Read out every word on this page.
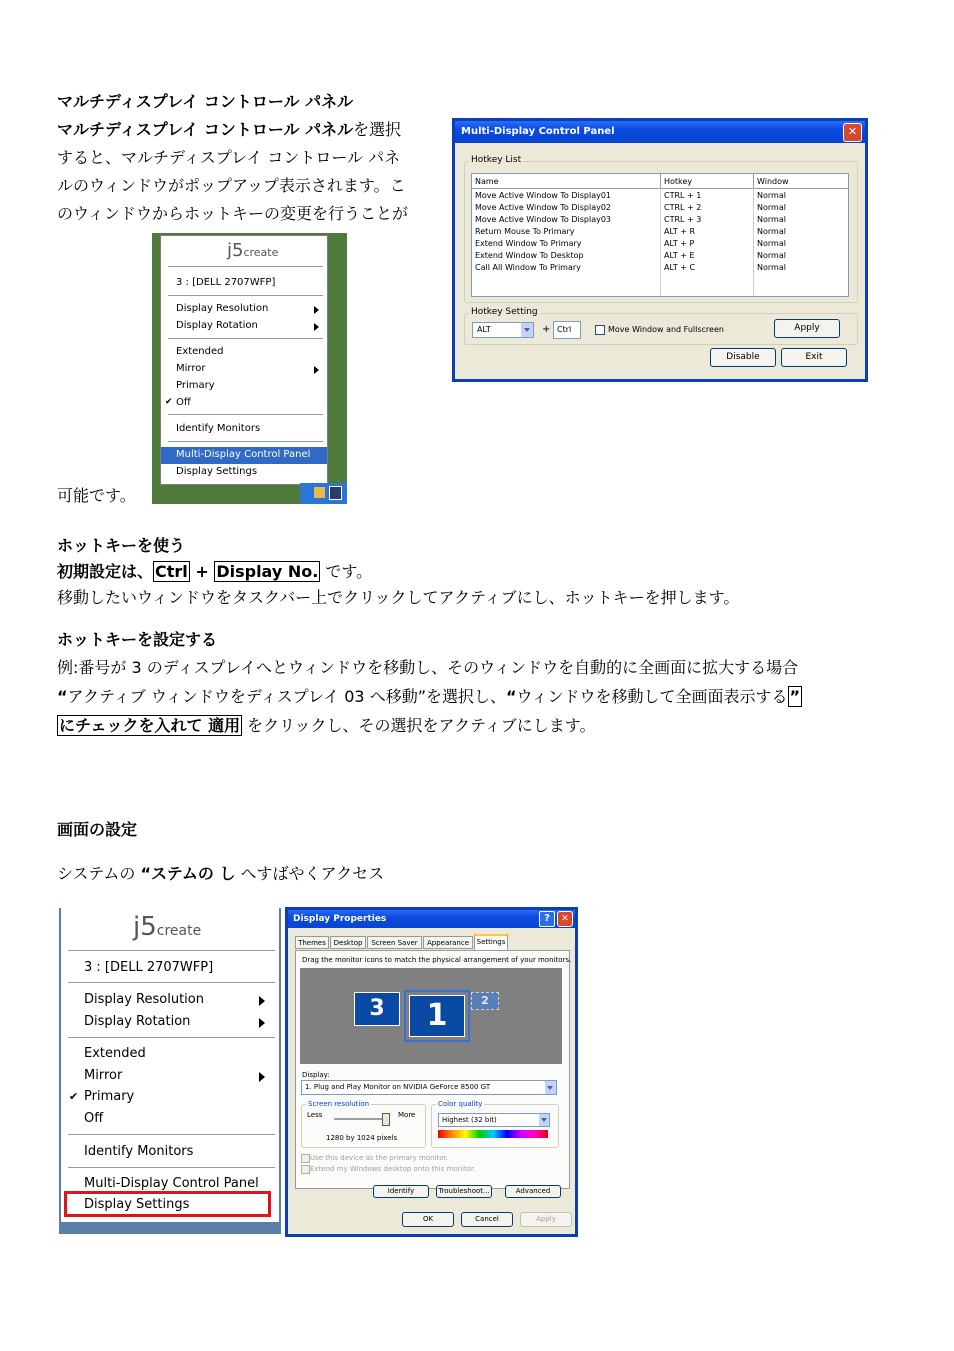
マルチディスプレイ コントロール パネル
マルチディスプレイ コントロール パネルを選択
すると、マルチディスプレイ コントロール パネ
ルのウィンドウがポップアップ表示されます。こ
のウィンドウからホットキーの変更を行うことが
可能です。
j5create
3 : [DELL 2707WFP]
Display Resolution
Display Rotation
Extended
Mirror
Primary
✔ Off
Identify Monitors
Multi-Display Control Panel
Display Settings
Multi-Display Control Panel	✕
Hotkey List
Name	Hotkey	Window
Move Active Window To Display01	CTRL + 1	Normal
Move Active Window To Display02	CTRL + 2	Normal
Move Active Window To Display03	CTRL + 3	Normal
Return Mouse To Primary	ALT + R	Normal
Extend Window To Primary	ALT + P	Normal
Extend Window To Desktop	ALT + E	Normal
Call All Window To Primary	ALT + C	Normal
Hotkey Setting
ALT	+ Ctrl	Move Window and Fullscreen	Apply
Disable	Exit
ホットキーを使う
初期設定は、 Ctrl + Display No. です。
移動したいウィンドウをタスクバー上でクリックしてアクティブにし、ホットキーを押します。
ホットキーを設定する
例:番号が 3 のディスプレイへとウィンドウを移動し、そのウィンドウを自動的に全画面に拡大する場合
“アクティブ ウィンドウをディスプレイ 03 へ移動”を選択し、“ウィンドウを移動して全画面表示する ”
にチェックを入れて 適用 をクリックし、その選択をアクティブにします。
画面の設定
システムの “ステムの し へすばやくアクセス
j5create
3 : [DELL 2707WFP]
Display Resolution
Display Rotation
Extended
Mirror
✔ Primary
Off
Identify Monitors
Multi-Display Control Panel
Display Settings
Display Properties	?	✕
Themes	Desktop	Screen Saver	Appearance	Settings
Drag the monitor icons to match the physical arrangement of your monitors.
3	1	2
Display:
1. Plug and Play Monitor on NVIDIA GeForce 8500 GT
Screen resolution
Less	More
1280 by 1024 pixels
Color quality
Highest (32 bit)
Use this device as the primary monitor.
Extend my Windows desktop onto this monitor.
Identify	Troubleshoot...	Advanced
OK	Cancel	Apply
